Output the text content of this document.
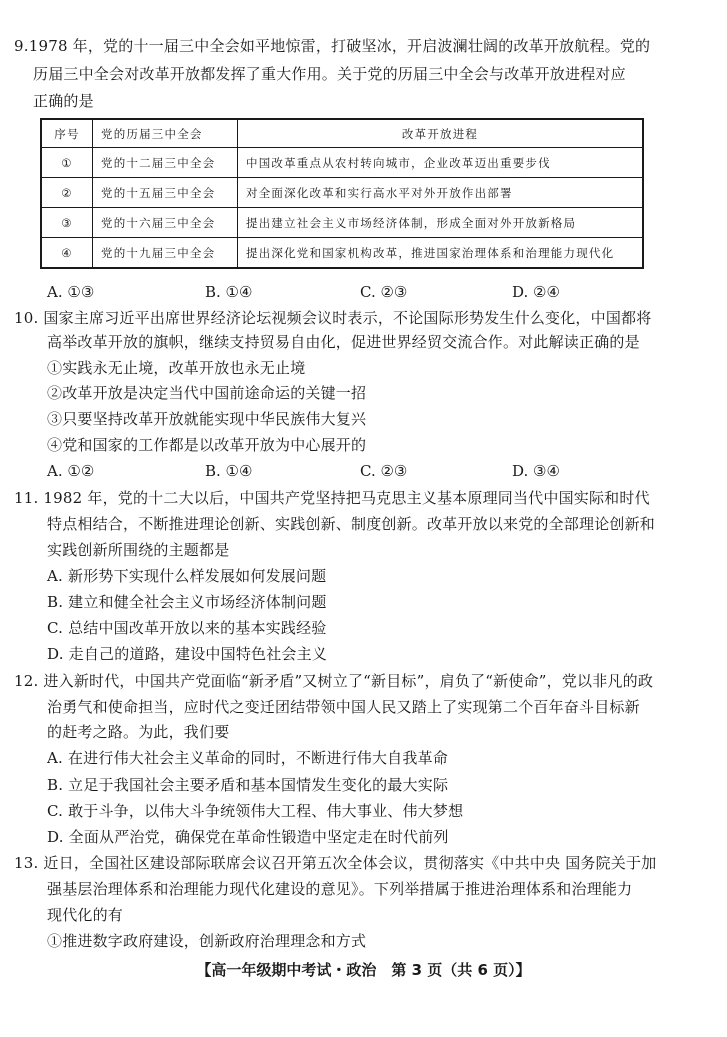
9.1978 年，党的十一届三中全会如平地惊雷，打破坚冰，开启波澜壮阔的改革开放航程。党的
历届三中全会对改革开放都发挥了重大作用。关于党的历届三中全会与改革开放进程对应
正确的是
序号	党的历届三中全会	改革开放进程
①	党的十二届三中全会	中国改革重点从农村转向城市，企业改革迈出重要步伐
②	党的十五届三中全会	对全面深化改革和实行高水平对外开放作出部署
③	党的十六届三中全会	提出建立社会主义市场经济体制，形成全面对外开放新格局
④	党的十九届三中全会	提出深化党和国家机构改革，推进国家治理体系和治理能力现代化
A. ①③	B. ①④	C. ②③	D. ②④
10. 国家主席习近平出席世界经济论坛视频会议时表示，不论国际形势发生什么变化，中国都将
高举改革开放的旗帜，继续支持贸易自由化，促进世界经贸交流合作。对此解读正确的是
①实践永无止境，改革开放也永无止境
②改革开放是决定当代中国前途命运的关键一招
③只要坚持改革开放就能实现中华民族伟大复兴
④党和国家的工作都是以改革开放为中心展开的
A. ①②	B. ①④	C. ②③	D. ③④
11. 1982 年，党的十二大以后，中国共产党坚持把马克思主义基本原理同当代中国实际和时代
特点相结合，不断推进理论创新、实践创新、制度创新。改革开放以来党的全部理论创新和
实践创新所围绕的主题都是
A. 新形势下实现什么样发展如何发展问题
B. 建立和健全社会主义市场经济体制问题
C. 总结中国改革开放以来的基本实践经验
D. 走自己的道路，建设中国特色社会主义
12. 进入新时代，中国共产党面临“新矛盾”又树立了“新目标”，肩负了“新使命”，党以非凡的政
治勇气和使命担当，应时代之变迁团结带领中国人民又踏上了实现第二个百年奋斗目标新
的赶考之路。为此，我们要
A. 在进行伟大社会主义革命的同时，不断进行伟大自我革命
B. 立足于我国社会主要矛盾和基本国情发生变化的最大实际
C. 敢于斗争，以伟大斗争统领伟大工程、伟大事业、伟大梦想
D. 全面从严治党，确保党在革命性锻造中坚定走在时代前列
13. 近日，全国社区建设部际联席会议召开第五次全体会议，贯彻落实《中共中央 国务院关于加
强基层治理体系和治理能力现代化建设的意见》。下列举措属于推进治理体系和治理能力
现代化的有
①推进数字政府建设，创新政府治理理念和方式
【高一年级期中考试・政治　第 3 页（共 6 页）】
